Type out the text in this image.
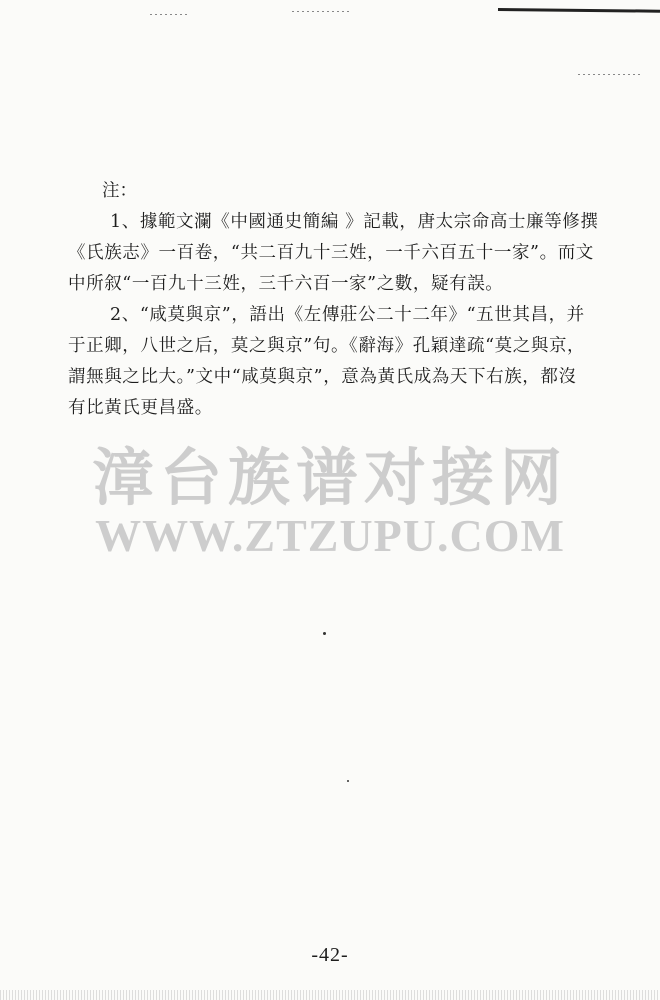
注：
1、據範文瀾《中國通史簡編 》記載，唐太宗命高士廉等修撰
《氏族志》一百卷，“共二百九十三姓，一千六百五十一家”。而文
中所叙“一百九十三姓，三千六百一家”之數，疑有誤。
2、“咸莫與京”，語出《左傳莊公二十二年》“五世其昌，并
于正卿，八世之后，莫之與京”句。《辭海》孔穎達疏“莫之與京，
謂無與之比大。”文中“咸莫與京”，意為黃氏成為天下右族，都沒
有比黃氏更昌盛。
漳台族谱对接网
WWW.ZTZUPU.COM
-42-
